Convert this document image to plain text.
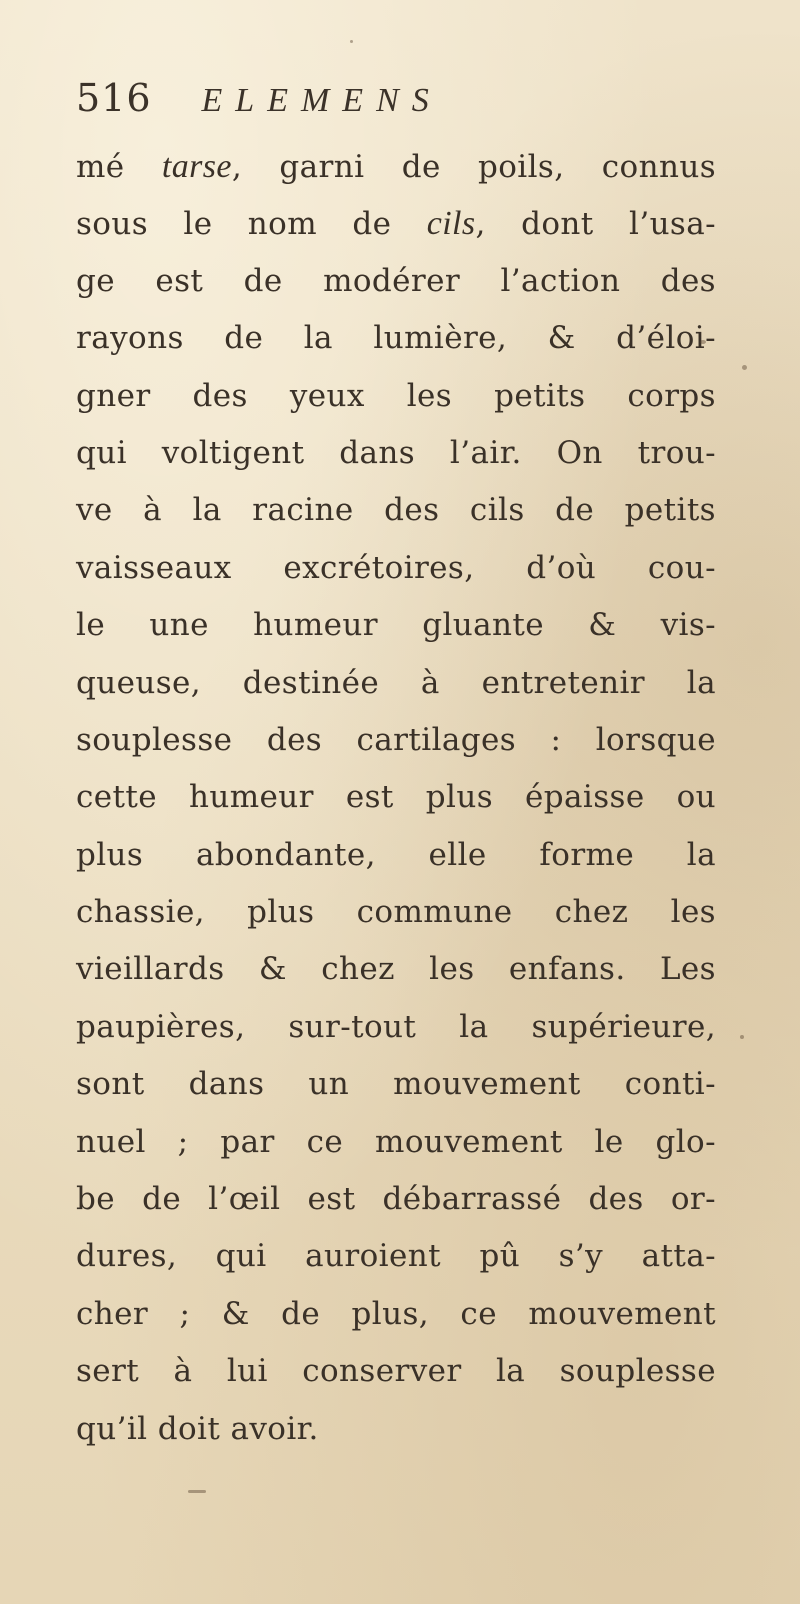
516 ELEMENS
mé tarse, garni de poils, connus
sous le nom de cils, dont l’usa-
ge est de modérer l’action des
rayons de la lumière, & d’éloi-
gner des yeux les petits corps
qui voltigent dans l’air. On trou-
ve à la racine des cils de petits
vaisseaux excrétoires, d’où cou-
le une humeur gluante & vis-
queuse, destinée à entretenir la
souplesse des cartilages : lorsque
cette humeur est plus épaisse ou
plus abondante, elle forme la
chassie, plus commune chez les
vieillards & chez les enfans. Les
paupières, sur-tout la supérieure,
sont dans un mouvement conti-
nuel ; par ce mouvement le glo-
be de l’œil est débarrassé des or-
dures, qui auroient pû s’y atta-
cher ; & de plus, ce mouvement
sert à lui conserver la souplesse
qu’il doit avoir.
